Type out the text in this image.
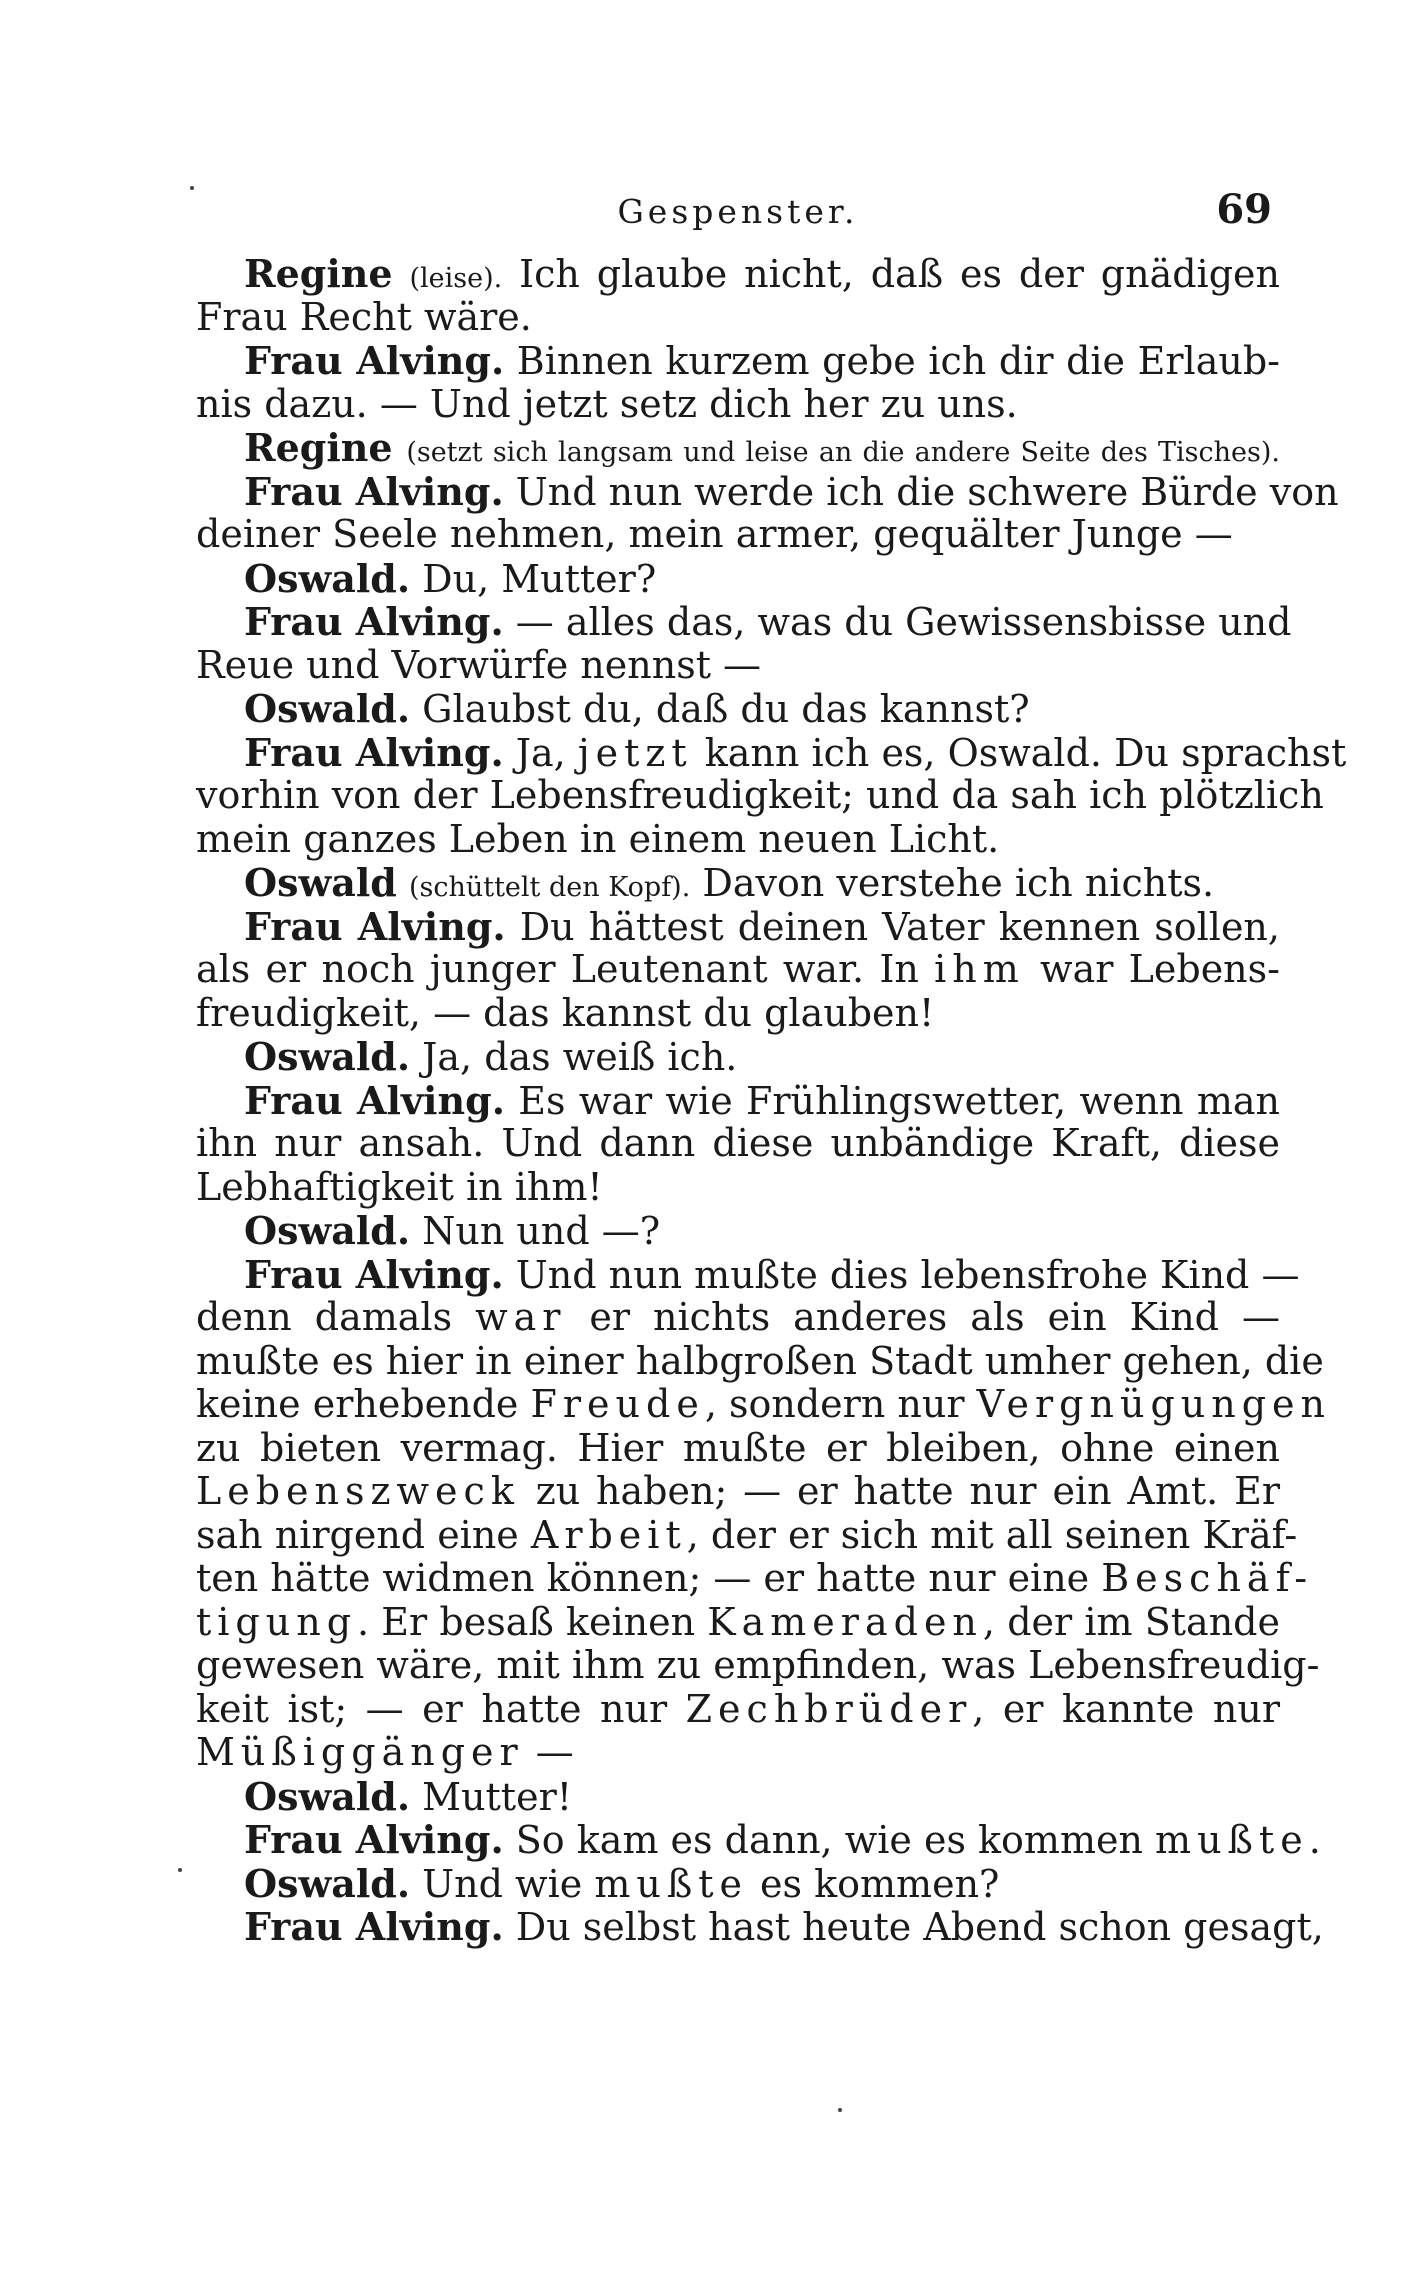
Gespenster.	69
Regine (leise). Ich glaube nicht, daß es der gnädigen
Frau Recht wäre.
Frau Alving. Binnen kurzem gebe ich dir die Erlaub-
nis dazu. — Und jetzt setz dich her zu uns.
Regine (setzt sich langsam und leise an die andere Seite des Tisches).
Frau Alving. Und nun werde ich die schwere Bürde von
deiner Seele nehmen, mein armer, gequälter Junge —
Oswald. Du, Mutter?
Frau Alving. — alles das, was du Gewissensbisse und
Reue und Vorwürfe nennst —
Oswald. Glaubst du, daß du das kannst?
Frau Alving. Ja, jetzt kann ich es, Oswald. Du sprachst
vorhin von der Lebensfreudigkeit; und da sah ich plötzlich
mein ganzes Leben in einem neuen Licht.
Oswald (schüttelt den Kopf). Davon verstehe ich nichts.
Frau Alving. Du hättest deinen Vater kennen sollen,
als er noch junger Leutenant war. In ihm war Lebens-
freudigkeit, — das kannst du glauben!
Oswald. Ja, das weiß ich.
Frau Alving. Es war wie Frühlingswetter, wenn man
ihn nur ansah. Und dann diese unbändige Kraft, diese
Lebhaftigkeit in ihm!
Oswald. Nun und —?
Frau Alving. Und nun mußte dies lebensfrohe Kind —
denn damals war er nichts anderes als ein Kind —
mußte es hier in einer halbgroßen Stadt umher gehen, die
keine erhebende Freude, sondern nur Vergnügungen
zu bieten vermag. Hier mußte er bleiben, ohne einen
Lebenszweck zu haben; — er hatte nur ein Amt. Er
sah nirgend eine Arbeit, der er sich mit all seinen Kräf-
ten hätte widmen können; — er hatte nur eine Beschäf-
tigung. Er besaß keinen Kameraden, der im Stande
gewesen wäre, mit ihm zu empfinden, was Lebensfreudig-
keit ist; — er hatte nur Zechbrüder, er kannte nur
Müßiggänger —
Oswald. Mutter!
Frau Alving. So kam es dann, wie es kommen mußte.
Oswald. Und wie mußte es kommen?
Frau Alving. Du selbst hast heute Abend schon gesagt,
